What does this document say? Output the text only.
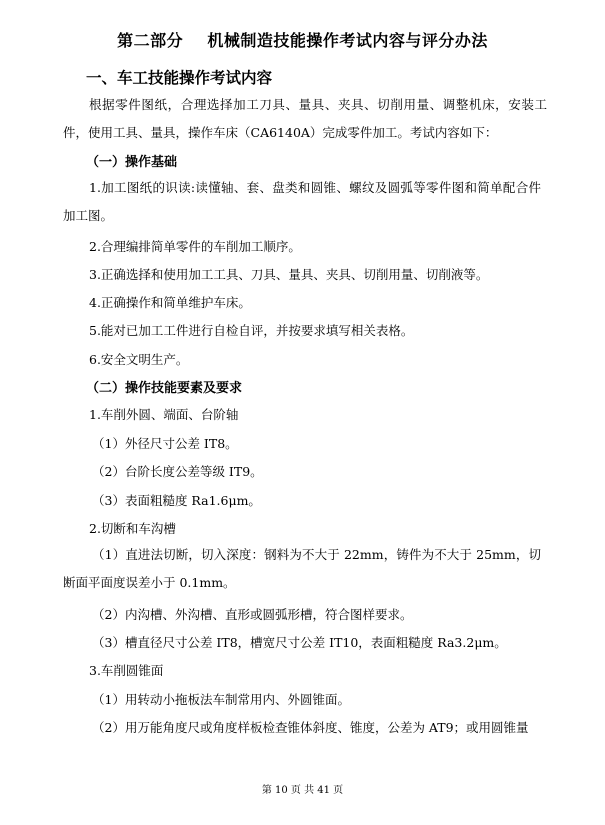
第二部分    机械制造技能操作考试内容与评分办法
一、车工技能操作考试内容
根据零件图纸，合理选择加工刀具、量具、夹具、切削用量、调整机床，安装工件，使用工具、量具，操作车床（CA6140A）完成零件加工。考试内容如下：
（一）操作基础
1.加工图纸的识读:读懂轴、套、盘类和圆锥、螺纹及圆弧等零件图和简单配合件加工图。
2.合理编排简单零件的车削加工顺序。
3.正确选择和使用加工工具、刀具、量具、夹具、切削用量、切削液等。
4.正确操作和简单维护车床。
5.能对已加工工件进行自检自评，并按要求填写相关表格。
6.安全文明生产。
（二）操作技能要素及要求
1.车削外圆、端面、台阶轴
（1）外径尺寸公差 IT8。
（2）台阶长度公差等级 IT9。
（3）表面粗糙度 Ra1.6μm。
2.切断和车沟槽
（1）直进法切断，切入深度：钢料为不大于 22mm，铸件为不大于 25mm，切断面平面度误差小于 0.1mm。
（2）内沟槽、外沟槽、直形或圆弧形槽，符合图样要求。
（3）槽直径尺寸公差 IT8，槽宽尺寸公差 IT10，表面粗糙度 Ra3.2μm。
3.车削圆锥面
（1）用转动小拖板法车制常用内、外圆锥面。
（2）用万能角度尺或角度样板检查锥体斜度、锥度，公差为 AT9；或用圆锥量
第 10 页 共 41 页
